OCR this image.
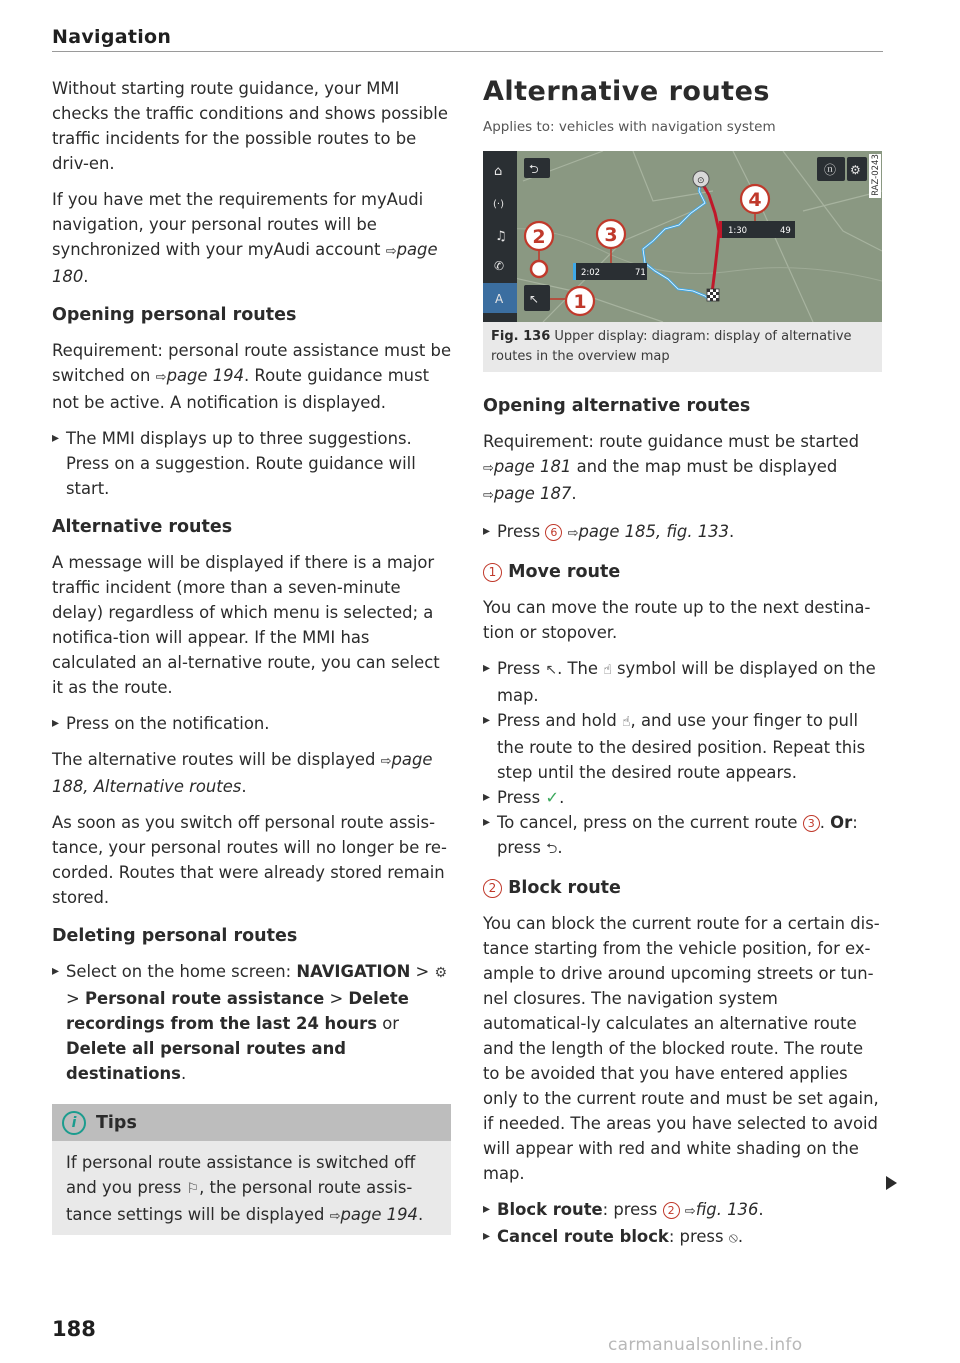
Navigation

Without starting route guidance, your MMI checks the traffic conditions and shows possible traffic incidents for the possible routes to be driv-en.

If you have met the requirements for myAudi navigation, your personal routes will be synchronized with your myAudi account ⇨page 180.

Opening personal routes

Requirement: personal route assistance must be switched on ⇨page 194. Route guidance must not be active. A notification is displayed.

▸ The MMI displays up to three suggestions. Press on a suggestion. Route guidance will start.
Alternative routes

A message will be displayed if there is a major traffic incident (more than a seven-minute delay) regardless of which menu is selected; a notifica-tion will appear. If the MMI has calculated an al-ternative route, you can select it as the route.

▸ Press on the notification.

The alternative routes will be displayed ⇨page 188, Alternative routes.

As soon as you switch off personal route assis-tance, your personal routes will no longer be re-corded. Routes that were already stored remain stored.

Deleting personal routes
▸ Select on the home screen: NAVIGATION > ⚙ > Personal route assistance > Delete recordings from the last 24 hours or Delete all personal routes and destinations.
i	Tips
If personal route assistance is switched off and you press ⚐, the personal route assis-tance settings will be displayed ⇨page 194.
Alternative routes
Applies to: vehicles with navigation system
⌂
(·)
♫
✆
A
⮌	ⓝ ⚙
↖
⊙
2:02	71
1:30	49
2	3
4
1
RAZ-0243
Fig. 136 Upper display: diagram: display of alternative routes in the overview map
Opening alternative routes

Requirement: route guidance must be started ⇨page 181 and the map must be displayed ⇨page 187.

▸ Press 6 ⇨page 185, fig. 133.
1 Move route

You can move the route up to the next destina-tion or stopover.

▸ Press ↖. The ☝ symbol will be displayed on the map.
▸ Press and hold ☝, and use your finger to pull the route to the desired position. Repeat this step until the desired route appears.
▸ Press ✓.
▸ To cancel, press on the current route 3 . Or: press ⮌.
2 Block route

You can block the current route for a certain dis-tance starting from the vehicle position, for ex-ample to drive around upcoming streets or tun-nel closures. The navigation system automatical-ly calculates an alternative route and the length of the blocked route. The route to be avoided that you have entered applies only to the current route and must be set again, if needed. The areas you have selected to avoid will appear with red and white shading on the map.

▸ Block route: press 2 ⇨fig. 136.
▸ Cancel route block: press ⦸.
188
carmanualsonline.info
